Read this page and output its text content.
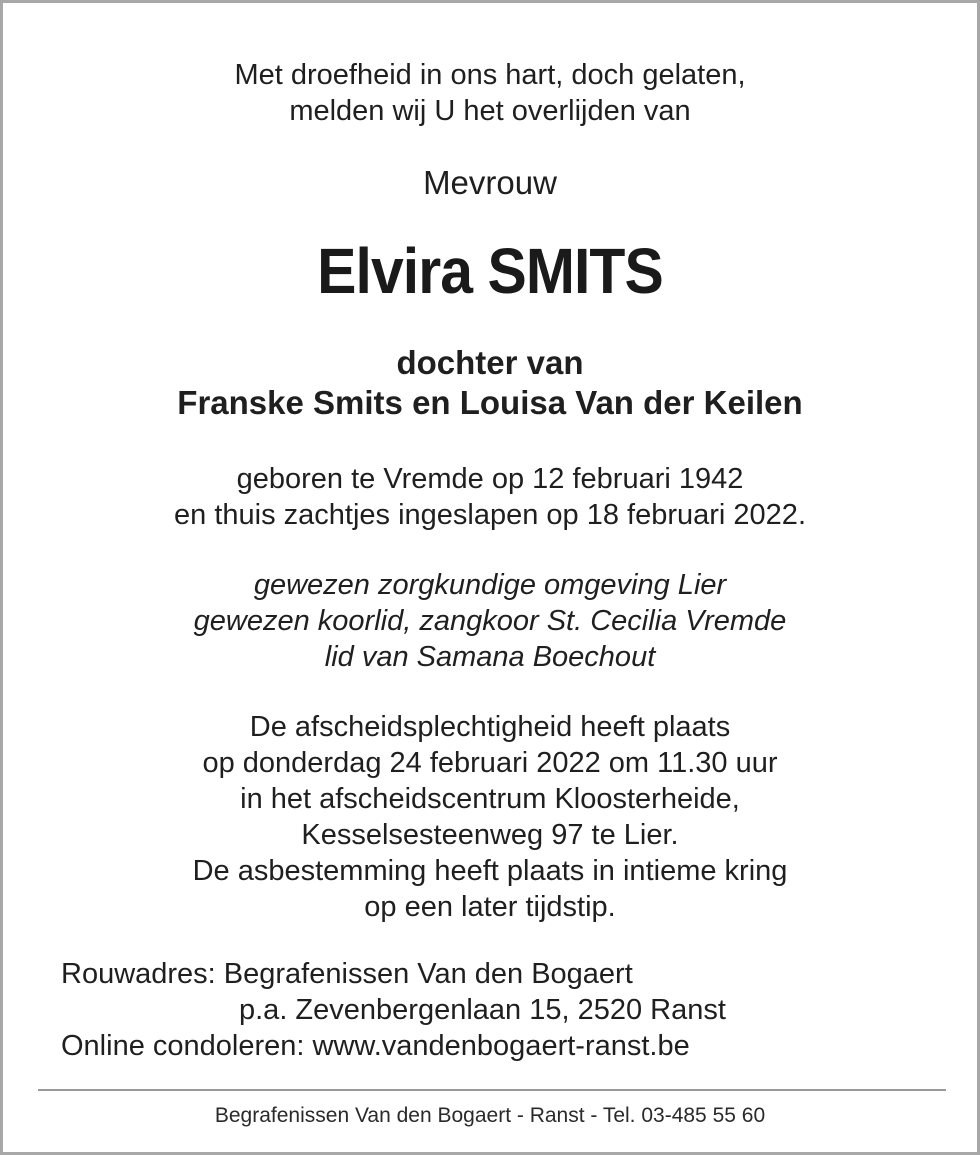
Met droefheid in ons hart, doch gelaten,
melden wij U het overlijden van
Mevrouw
Elvira SMITS
dochter van
Franske Smits en Louisa Van der Keilen
geboren te Vremde op 12 februari 1942
en thuis zachtjes ingeslapen op 18 februari 2022.
gewezen zorgkundige omgeving Lier
gewezen koorlid, zangkoor St. Cecilia Vremde
lid van Samana Boechout
De afscheidsplechtigheid heeft plaats
op donderdag 24 februari 2022 om 11.30 uur
in het afscheidscentrum Kloosterheide,
Kesselsesteenweg 97 te Lier.
De asbestemming heeft plaats in intieme kring
op een later tijdstip.
Rouwadres: Begrafenissen Van den Bogaert
p.a. Zevenbergenlaan 15, 2520 Ranst
Online condoleren: www.vandenbogaert-ranst.be
Begrafenissen Van den Bogaert - Ranst - Tel. 03-485 55 60
